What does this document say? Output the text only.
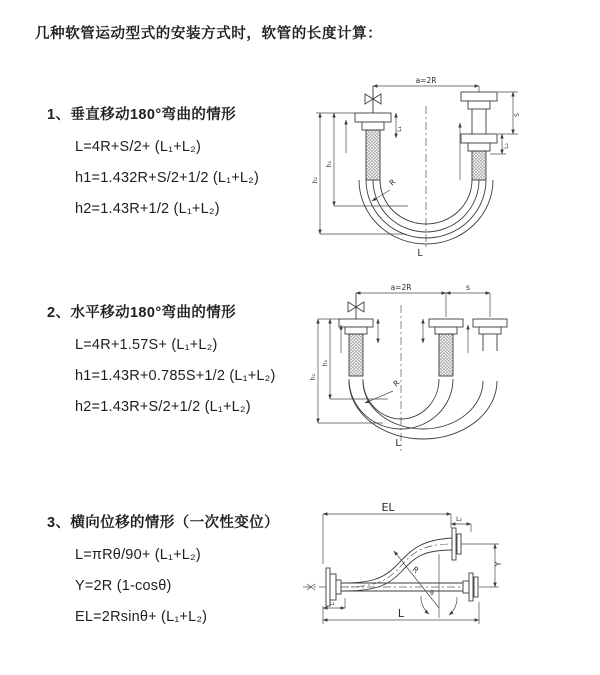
几种软管运动型式的安装方式时，软管的长度计算：
1、垂直移动180°弯曲的情形
L=4R+S/2+ (L₁+L₂)
h1=1.432R+S/2+1/2 (L₁+L₂)
h2=1.43R+1/2 (L₁+L₂)
2、水平移动180°弯曲的情形
L=4R+1.57S+ (L₁+L₂)
h1=1.43R+0.785S+1/2 (L₁+L₂)
h2=1.43R+S/2+1/2 (L₁+L₂)
3、横向位移的情形（一次性变位）
L=πRθ/90+ (L₁+L₂)
Y=2R (1-cosθ)
EL=2Rsinθ+ (L₁+L₂)
a=2R
L₁
h₁
h₂
S
L₂
R
L
a=2R	s
h₁
h₂
R
L
EL
L₂
R
θ
Y
L₁
L
